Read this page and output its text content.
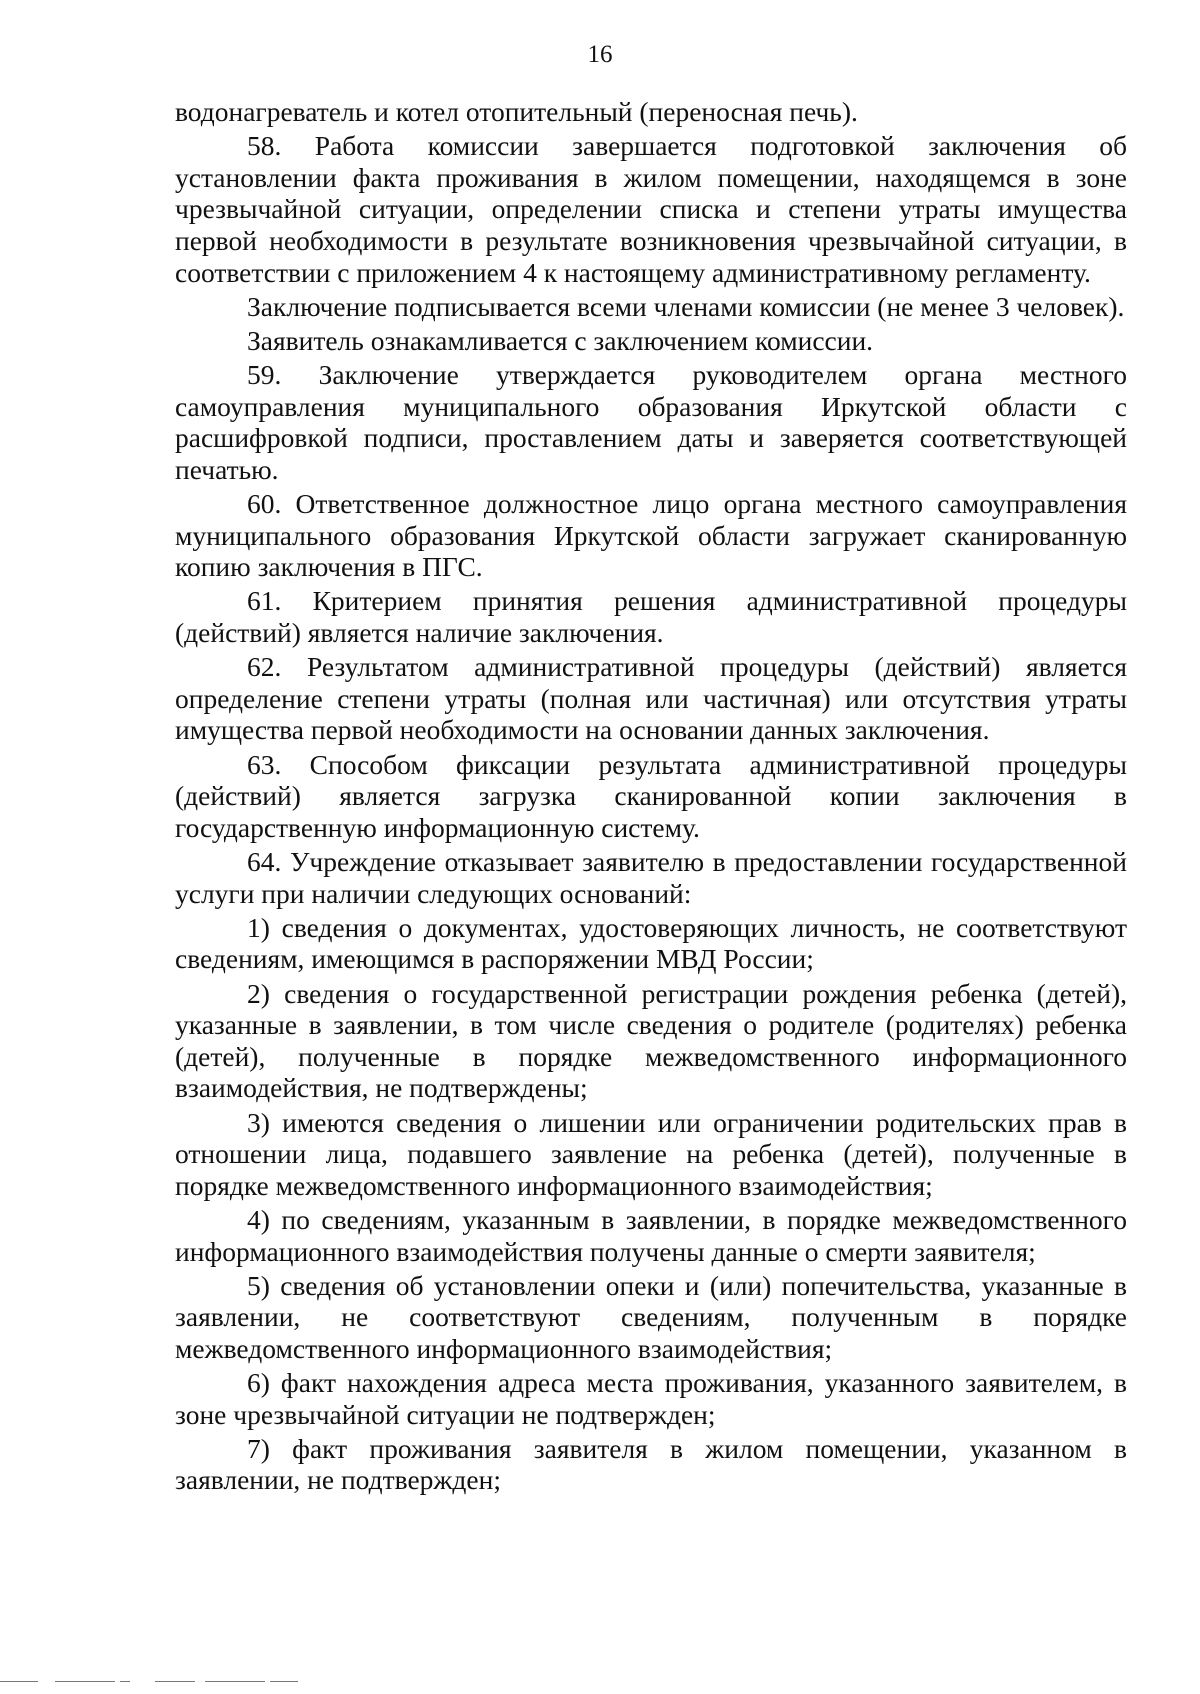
16

водонагреватель и котел отопительный (переносная печь).

58. Работа комиссии завершается подготовкой заключения об установлении факта проживания в жилом помещении, находящемся в зоне чрезвычайной ситуации, определении списка и степени утраты имущества первой необходимости в результате возникновения чрезвычайной ситуации, в соответствии с приложением 4 к настоящему административному регламенту.

Заключение подписывается всеми членами комиссии (не менее 3 человек).

Заявитель ознакамливается с заключением комиссии.

59. Заключение утверждается руководителем органа местного самоуправления муниципального образования Иркутской области с расшифровкой подписи, проставлением даты и заверяется соответствующей печатью.

60. Ответственное должностное лицо органа местного самоуправления муниципального образования Иркутской области загружает сканированную копию заключения в ПГС.

61. Критерием принятия решения административной процедуры (действий) является наличие заключения.

62. Результатом административной процедуры (действий) является определение степени утраты (полная или частичная) или отсутствия утраты имущества первой необходимости на основании данных заключения.

63. Способом фиксации результата административной процедуры (действий) является загрузка сканированной копии заключения в государственную информационную систему.

64. Учреждение отказывает заявителю в предоставлении государственной услуги при наличии следующих оснований:

1) сведения о документах, удостоверяющих личность, не соответствуют сведениям, имеющимся в распоряжении МВД России;

2) сведения о государственной регистрации рождения ребенка (детей), указанные в заявлении, в том числе сведения о родителе (родителях) ребенка (детей), полученные в порядке межведомственного информационного взаимодействия, не подтверждены;

3) имеются сведения о лишении или ограничении родительских прав в отношении лица, подавшего заявление на ребенка (детей), полученные в порядке межведомственного информационного взаимодействия;

4) по сведениям, указанным в заявлении, в порядке межведомственного информационного взаимодействия получены данные о смерти заявителя;

5) сведения об установлении опеки и (или) попечительства, указанные в заявлении, не соответствуют сведениям, полученным в порядке межведомственного информационного взаимодействия;

6) факт нахождения адреса места проживания, указанного заявителем, в зоне чрезвычайной ситуации не подтвержден;

7) факт проживания заявителя в жилом помещении, указанном в заявлении, не подтвержден;
